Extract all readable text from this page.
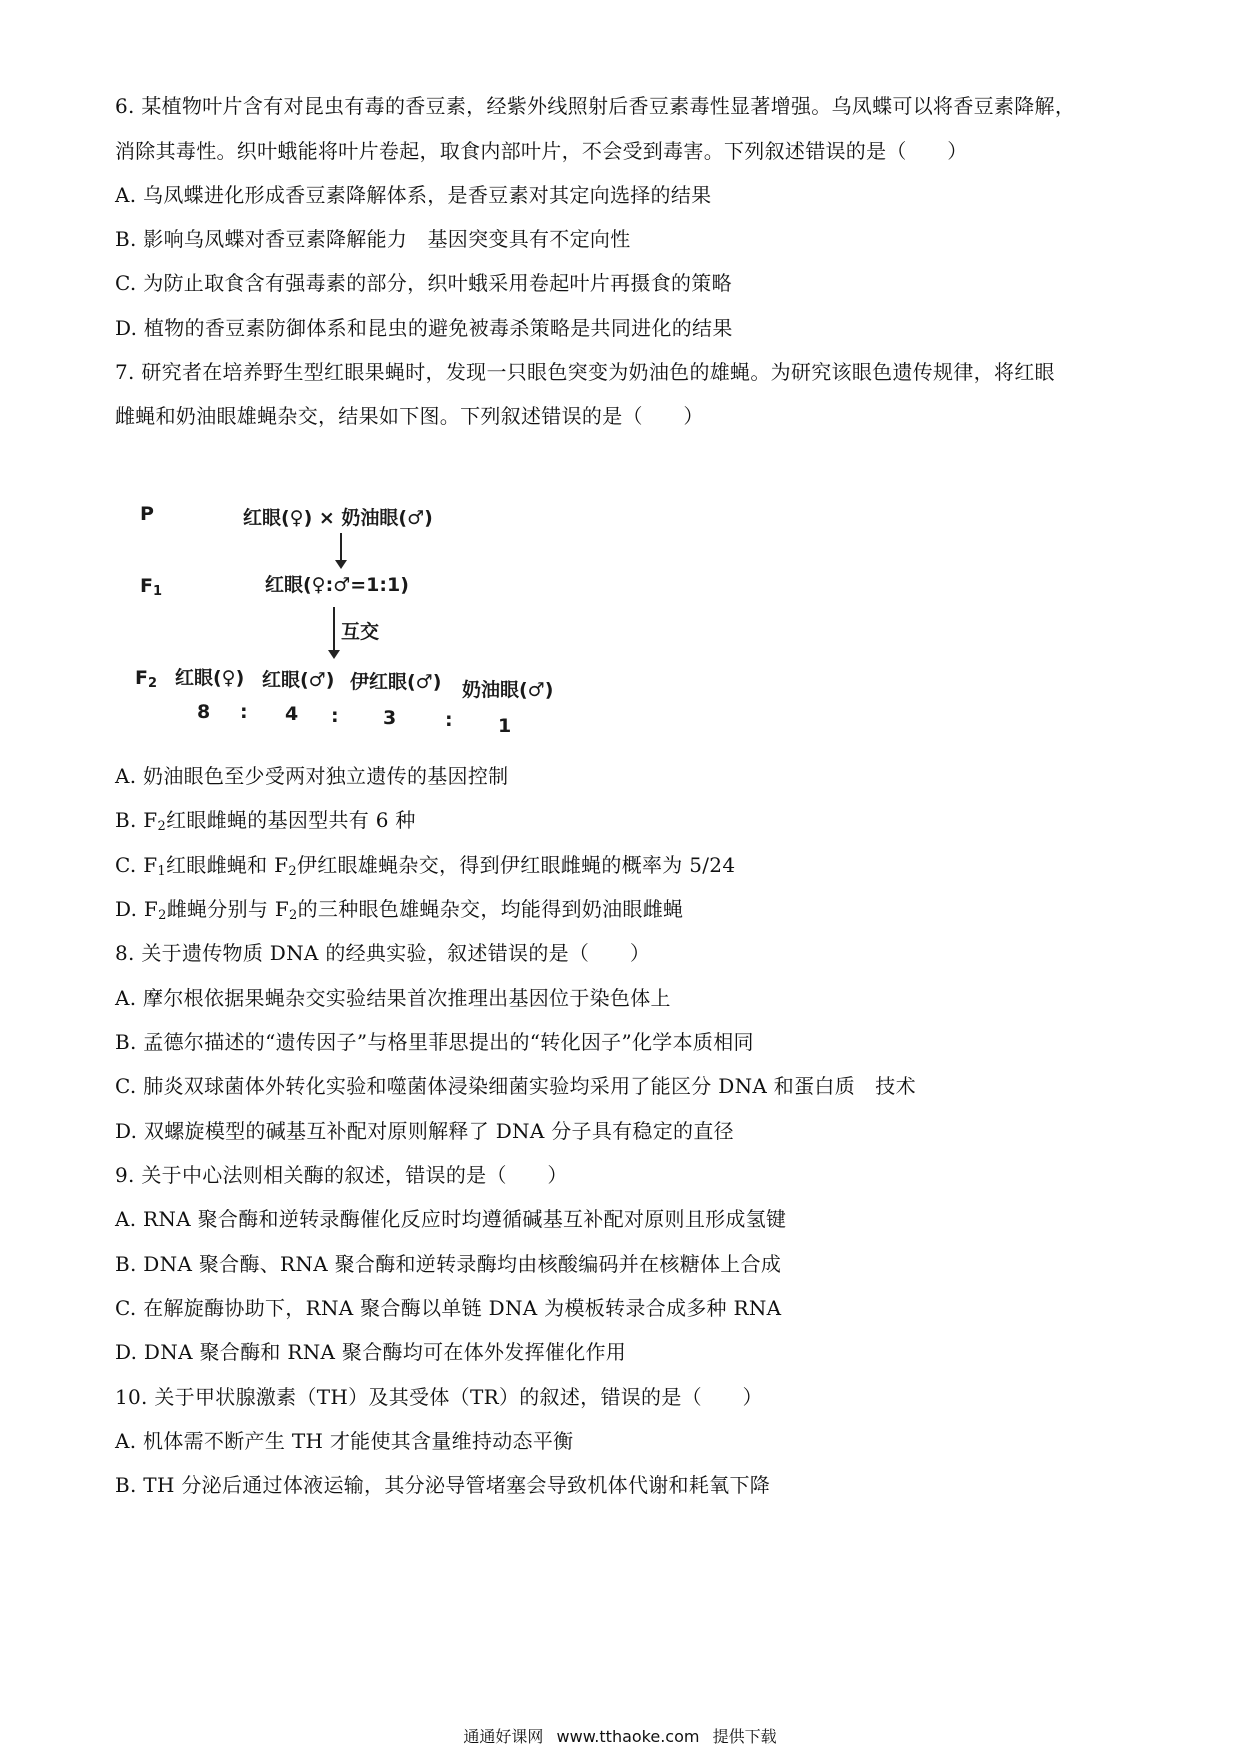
6. 某植物叶片含有对昆虫有毒的香豆素，经紫外线照射后香豆素毒性显著增强。乌凤蝶可以将香豆素降解，
消除其毒性。织叶蛾能将叶片卷起，取食内部叶片，不会受到毒害。下列叙述错误的是（　　）
A. 乌凤蝶进化形成香豆素降解体系，是香豆素对其定向选择的结果
B. 影响乌凤蝶对香豆素降解能力　基因突变具有不定向性
C. 为防止取食含有强毒素的部分，织叶蛾采用卷起叶片再摄食的策略
D. 植物的香豆素防御体系和昆虫的避免被毒杀策略是共同进化的结果
7. 研究者在培养野生型红眼果蝇时，发现一只眼色突变为奶油色的雄蝇。为研究该眼色遗传规律，将红眼
雌蝇和奶油眼雄蝇杂交，结果如下图。下列叙述错误的是（　　）
P	红眼(♀) × 奶油眼(♂)
$F_1$	红眼(♀:♂=1:1)
互交
$F_2$ 红眼(♀) 红眼(♂) 伊红眼(♂) 奶油眼(♂)
8 : 4 : 3	: 1
A. 奶油眼色至少受两对独立遗传的基因控制
B. $F_2$红眼雌蝇的基因型共有 6 种
C. $F_1$红眼雌蝇和 $F_2$伊红眼雄蝇杂交，得到伊红眼雌蝇的概率为 5/24
D. $F_2$雌蝇分别与 $F_2$的三种眼色雄蝇杂交，均能得到奶油眼雌蝇
8. 关于遗传物质 DNA 的经典实验，叙述错误的是（　　）
A. 摩尔根依据果蝇杂交实验结果首次推理出基因位于染色体上
B. 孟德尔描述的“遗传因子”与格里菲思提出的“转化因子”化学本质相同
C. 肺炎双球菌体外转化实验和噬菌体浸染细菌实验均采用了能区分 DNA 和蛋白质　技术
D. 双螺旋模型的碱基互补配对原则解释了 DNA 分子具有稳定的直径
9. 关于中心法则相关酶的叙述，错误的是（　　）
A. RNA 聚合酶和逆转录酶催化反应时均遵循碱基互补配对原则且形成氢键
B. DNA 聚合酶、RNA 聚合酶和逆转录酶均由核酸编码并在核糖体上合成
C. 在解旋酶协助下，RNA 聚合酶以单链 DNA 为模板转录合成多种 RNA
D. DNA 聚合酶和 RNA 聚合酶均可在体外发挥催化作用
10. 关于甲状腺激素（TH）及其受体（TR）的叙述，错误的是（　　）
A. 机体需不断产生 TH 才能使其含量维持动态平衡
B. TH 分泌后通过体液运输，其分泌导管堵塞会导致机体代谢和耗氧下降
通通好课网 www.tthaoke.com 提供下载
